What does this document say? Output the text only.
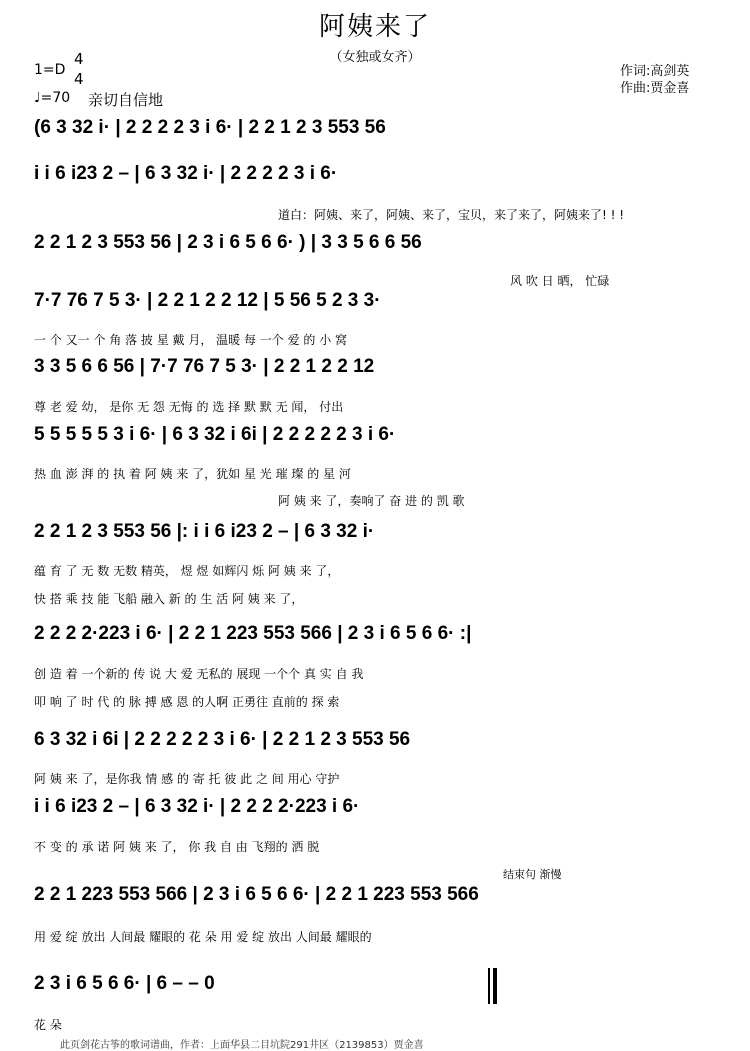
阿姨来了
（女独或女齐）
1=D
4
4
♩=70 亲切自信地
作词:高剑英
作曲:贾金喜
(6 3 32 i· | 2 2 2 2 3 i 6· | 2 2 1 2 3 553 56
i i 6 i23 2 – | 6 3 32 i· | 2 2 2 2 3 i 6·
道白：阿姨、来了，阿姨、来了，宝贝，来了来了，阿姨来了! ! !
2 2 1 2 3 553 56 | 2 3 i 6 5 6 6· ) | 3 3 5 6 6 56
风 吹 日 晒， 忙碌
7·7 76 7 5 3· | 2 2 1 2 2 12 | 5 56 5 2 3 3·
一 个 又一 个 角 落 披 星 戴 月， 温暖 每 一个 爱 的 小 窝
3 3 5 6 6 56 | 7·7 76 7 5 3· | 2 2 1 2 2 12
尊 老 爱 幼， 是你 无 怨 无悔 的 选 择 默 默 无 闻， 付出
5 5 5 5 5 3 i 6· | 6 3 32 i 6i | 2 2 2 2 2 3 i 6·
热 血 澎 湃 的 执 着 阿 姨 来 了，犹如 星 光 璀 璨 的 星 河
阿 姨 来 了，奏响了 奋 进 的 凯 歌
2 2 1 2 3 553 56 |: i i 6 i23 2 – | 6 3 32 i·
蕴 育 了 无 数 无数 精英， 煜 煜 如辉闪 烁 阿 姨 来 了，
快 搭 乘 技 能 飞船 融入 新 的 生 活 阿 姨 来 了，
2 2 2 2·223 i 6· | 2 2 1 223 553 566 | 2 3 i 6 5 6 6· :|
创 造 着 一个新的 传 说 大 爱 无私的 展现 一个个 真 实 自 我
叩 响 了 时 代 的 脉 搏 感 恩 的人啊 正勇往 直前的 探 索
6 3 32 i 6i | 2 2 2 2 2 3 i 6· | 2 2 1 2 3 553 56
阿 姨 来 了，是你我 情 感 的 寄 托 彼 此 之 间 用心 守护
i i 6 i23 2 – | 6 3 32 i· | 2 2 2 2·223 i 6·
不 变 的 承 诺 阿 姨 来 了， 你 我 自 由 飞翔的 洒 脱
结束句 渐慢
2 2 1 223 553 566 | 2 3 i 6 5 6 6· | 2 2 1 223 553 566
用 爱 绽 放出 人间最 耀眼的 花 朵 用 爱 绽 放出 人间最 耀眼的
2 3 i 6 5 6 6· | 6 – – 0
花 朵
此页剑花古筝的歌词谱曲，作者：上面华县二目坑院291井区（2139853）贾金喜
